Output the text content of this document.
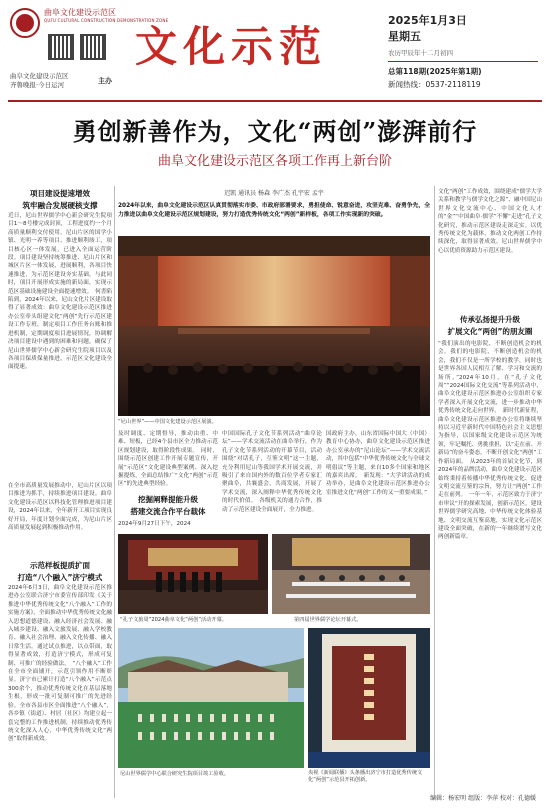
曲阜文化建设示范区
QUFU CULTURAL CONSTRUCTION DEMONSTRATION ZONE
曲阜文化建设示范区
齐鲁晚报·今日运河	主办
文化示范
2025年1月3日
星期五
农历甲辰年十二月初四
总第118期(2025年第1期)
新闻热线：0537-2118119
勇创新善作为，文化“两创”澎湃前行
曲阜文化建设示范区各项工作再上新台阶
项目建设提速增效
筑牢融合发展硬核支撑
近日，尼山世界儒学中心新会研究生院项目1～8号楼完成封顶，工程进度约一个月高质量顺利交付使用。尼山片区的国学小镇、光明一养等项目、推进顺利竣工，项目核心区一体发展，已进入全面运营阶段。项目建设坚持统筹推进、尼山片区和城区片区一体发展，进展顺利，各项目快速推进，为示范区建设夯实基础。与此同时，项目开展形成实施的新局面，实现示范区基础设施建设全面提速增效。　何書陷陷到，2024年以来，尼山文化片区建设取得了显著成效：曲阜文化建设示范区推进办公室牵头组建文化“两创”先行示范区建设工作专班，制定项目工作任务台账和推进机制，定期调度项目进展情况，协调解决项目建设中遇到的困难和问题，确保了尼山世界儒学中心新会研究生院项目以及各项目保质保量推进，示范区文化建设全面提速。
在全市高质量发展推动中，尼山片区以项目推进为抓手，持续推进项目建设。曲阜文化建设示范区以科技化管理推进项目建设，2024年以来，全年新开工项目实现良好开局，年度计划全面完成，为尼山片区高质量发展起到积极推动作用。
示范样板提质扩面
打造“八个融入”济宁模式
2024年6月3日，曲阜文化建设示范区推进办公室联合济宁市委宣传部印发《关于推进中华优秀传统文化“八个融入”工作的实施方案》，全面推动中华优秀传统文化融入思想道德建设、融入经济社会发展、融入城乡建设、融入文旅发展、融入学校教育、融入社会治理、融入文化传播、融入日常生活。通过试点推进，以点带面，取得显著成效，打造济宁模式，形成可复制、可推广的经验做法。　“八个融入”工作在全市全面铺开，示范引领作用不断彰显。济宁市已累计打造“八个融入”示范点300余个，推动优秀传统文化在基层落地生根，形成一批可复制可推广的先进经验。全市各县市区全面推进“八个融入”，各乡镇（街道）、村居（社区）均建立起一套完整的工作推进机制，持续推动优秀传统文化深入人心，中华优秀传统文化“两创”取得新成效。
迟凯 通讯员 杨森 李广杰 孔宇宏 孟宇
2024年以来，曲阜文化建设示范区认真贯彻落实市委、市政府部署要求，勇担使命、锐意奋进，攻坚克难、奋勇争先，全力推进以曲阜文化建设示范区规划建设，努力打造优秀传统文化“两创”新样板，各项工作实现新的突破。
“尼山世界”——中国文化建设示范区展演。
及时调度、定期督导，推动由重、中难、短板，已经4个县市区全力推动示范区规划建设，取得阶段性成果。　同时，围绕示范区创建工作开展专题宣传，开展“示范区”文化建设典型案例、深入挖掘提炼，全面总结推广“文化“两创”示范区”的先进典型经验。
挖掘阐释提能升级
搭建交流合作平台载体
2024年9月27日下午，2024
中国国际孔子文化节系列活动“曲阜论坛”——学术交流活动在曲阜举行，作为孔子文化节系列活动的开幕节目，活动围绕“对话孔子，互鉴文明”这一主题，充分利用尼山等我国学术开展交流，并吸引了来自国内外的数百位学者专家汇聚曲阜，共襄盛会，共商发展，开展了学术交流，深入阐释中华优秀传统文化的时代价值。　各级机关的通力合作，推动了示范区建设全面展开，全力推进。
国政府主办，山东省国际中国大（中国）教育中心协办，曲阜文化建设示范区推进办公室承办的“尼山论坛”——学术交流活动，其中包括“中华优秀传统文化与全球文明倡议”等主题，来自10多个国家和地区的嘉宾出席。　新发现：“大学讲活动的成功举办，是曲阜文化建设示范区推进办公室推进文化“两创”工作的又一重要成果。”
“孔子文旅周”2024曲阜文化“两创”活动开幕。	第四届世界儒学论坛开幕式。
尼山世界儒学中心联合研究生院项目竣工验收。	央视《新闻联播》头条播出济宁市打造优秀传统文化“两创”示范县开拓创新。
文化“两创”工作成效，围绕建成“儒学大学关系和教学与儒学文化之源”、融中国尼山世界文化交流中心、中国文化人才的“金”“中国曲阜·儒学”不懈“走进”孔子文化研究，推动示范区建设走深走实。以优秀传统文化为载体，推动文化两创工作持续深化，取得显著成效。尼山世界儒学中心以优质资源助力示范区建设。
传承弘扬提升升级
扩展文化“两创”的朋友圈
“我们演出的电影院，不断创造机会的机会。我们的电影院，不断创造机会的机会，我们不仅是一所学校的教学，同时也是世界各国人民相互了解、学习和交流的场所。”2024年10月，在“孔子文化周”“2024国际文化交流”等系列活动中，曲阜文化建设示范区推进办公室组织专家学者深入开展文化交流，进一步推动中华优秀传统文化走向世界。　新时代新征程，曲阜文化建设示范区推进办公室将继续坚持以习近平新时代中国特色社会主义思想为指导，以国家级文化建设示范区为统领，牢记嘱托、勇挑重担，以“走在前、开新局”的奋斗姿态，不断开创文化“两创”工作新局面。　从2023年的首届文化节，到2024年的品牌活动，曲阜文化建设示范区始终秉持着传播中华优秀传统文化、促进文明交流互鉴的宗旨，努力让“两创”工作走在前列。　一年一年，示范区致力于济宁市审议“开的探索发展，创新示范区，建设世界儒学研究高地、中华传统文化体验基地、文明交流互鉴高地，实现文化示范区建设全面突破，在新的一年继续谱写文化两创新篇章。
编辑：杨宏明 组版：李萍 校对：孔德媛
